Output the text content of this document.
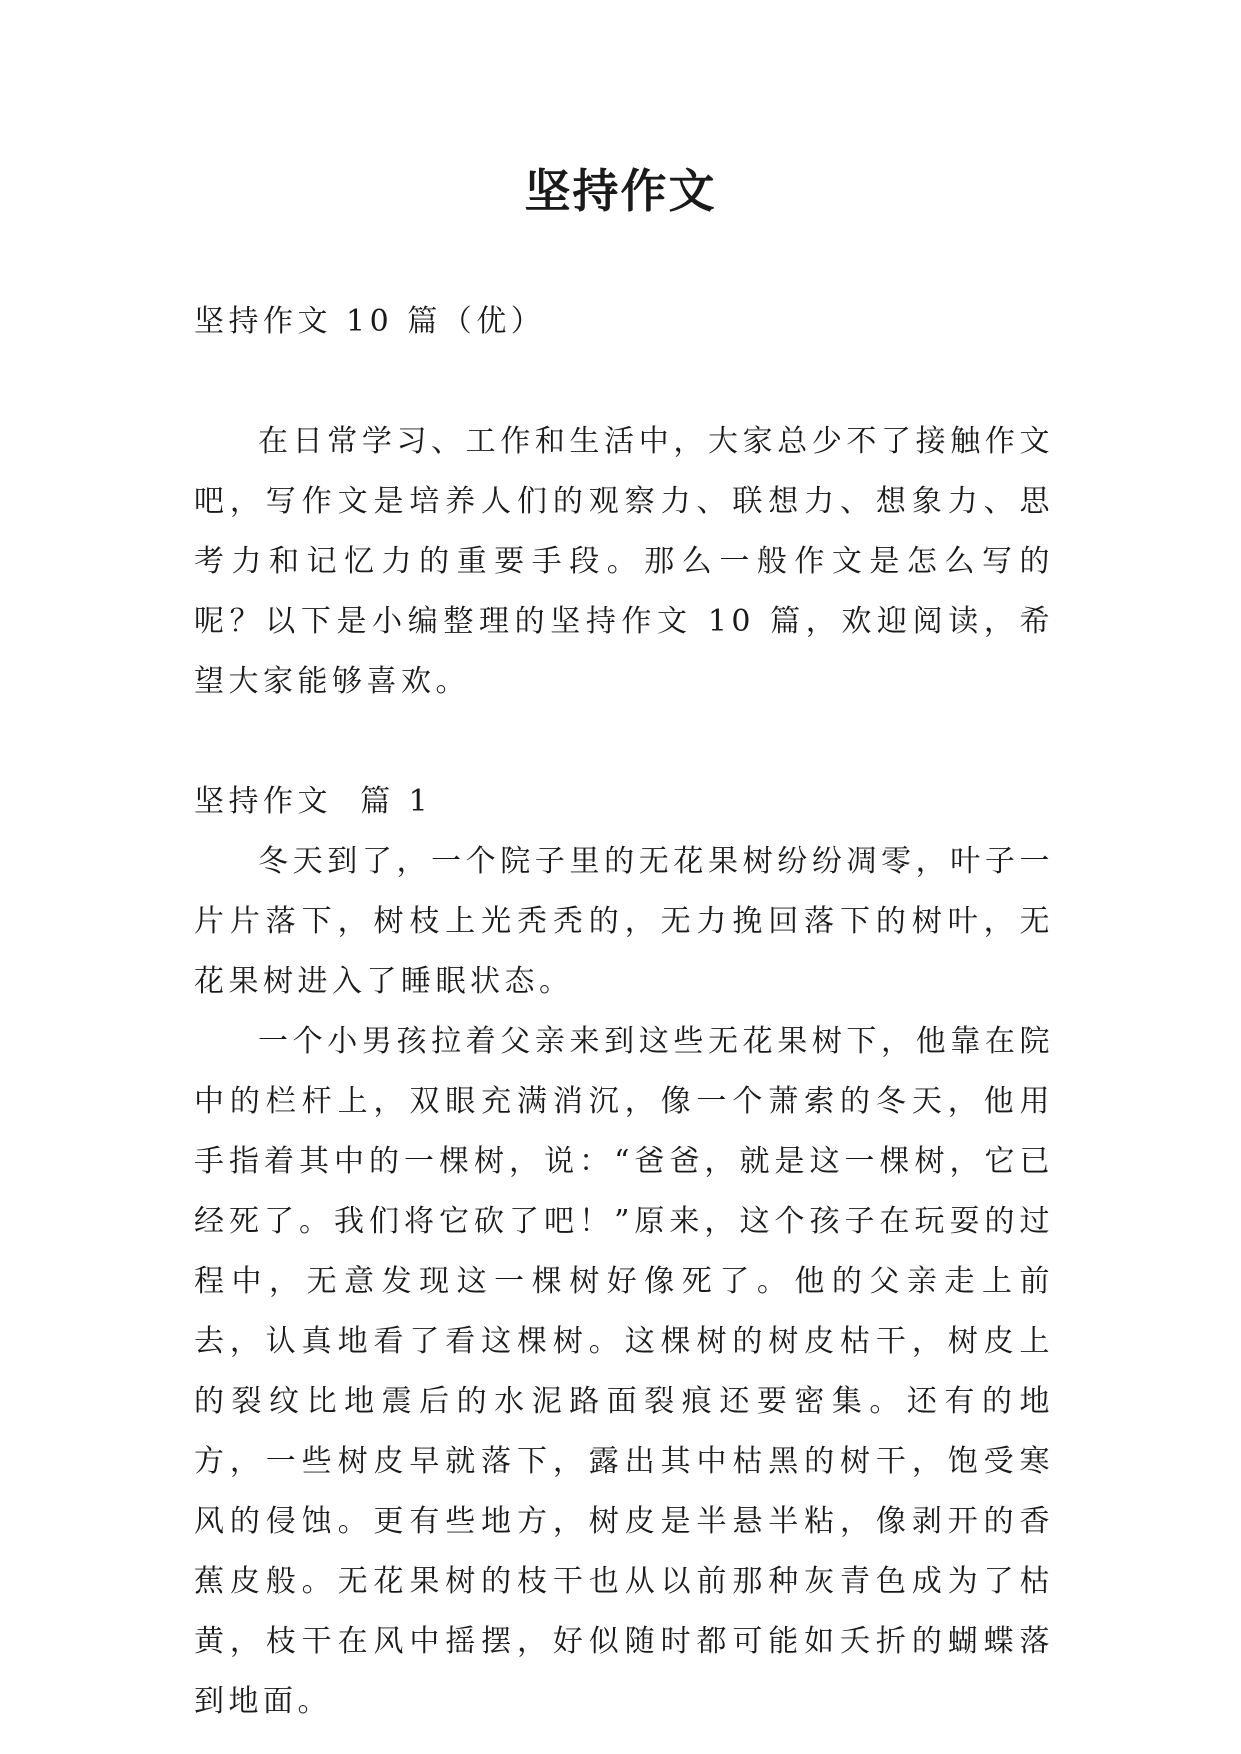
坚持作文

坚持作文 10 篇（优）

在日常学习、工作和生活中，大家总少不了接触作文吧，写作文是培养人们的观察力、联想力、想象力、思考力和记忆力的重要手段。那么一般作文是怎么写的呢？以下是小编整理的坚持作文 10 篇，欢迎阅读，希望大家能够喜欢。

坚持作文  篇 1

冬天到了，一个院子里的无花果树纷纷凋零，叶子一片片落下，树枝上光秃秃的，无力挽回落下的树叶，无花果树进入了睡眠状态。

一个小男孩拉着父亲来到这些无花果树下，他靠在院中的栏杆上，双眼充满消沉，像一个萧索的冬天，他用手指着其中的一棵树，说：“爸爸，就是这一棵树，它已经死了。我们将它砍了吧！”原来，这个孩子在玩耍的过程中，无意发现这一棵树好像死了。他的父亲走上前去，认真地看了看这棵树。这棵树的树皮枯干，树皮上的裂纹比地震后的水泥路面裂痕还要密集。还有的地方，一些树皮早就落下，露出其中枯黑的树干，饱受寒风的侵蚀。更有些地方，树皮是半悬半粘，像剥开的香蕉皮般。无花果树的枝干也从以前那种灰青色成为了枯黄，枝干在风中摇摆，好似随时都可能如夭折的蝴蝶落到地面。
